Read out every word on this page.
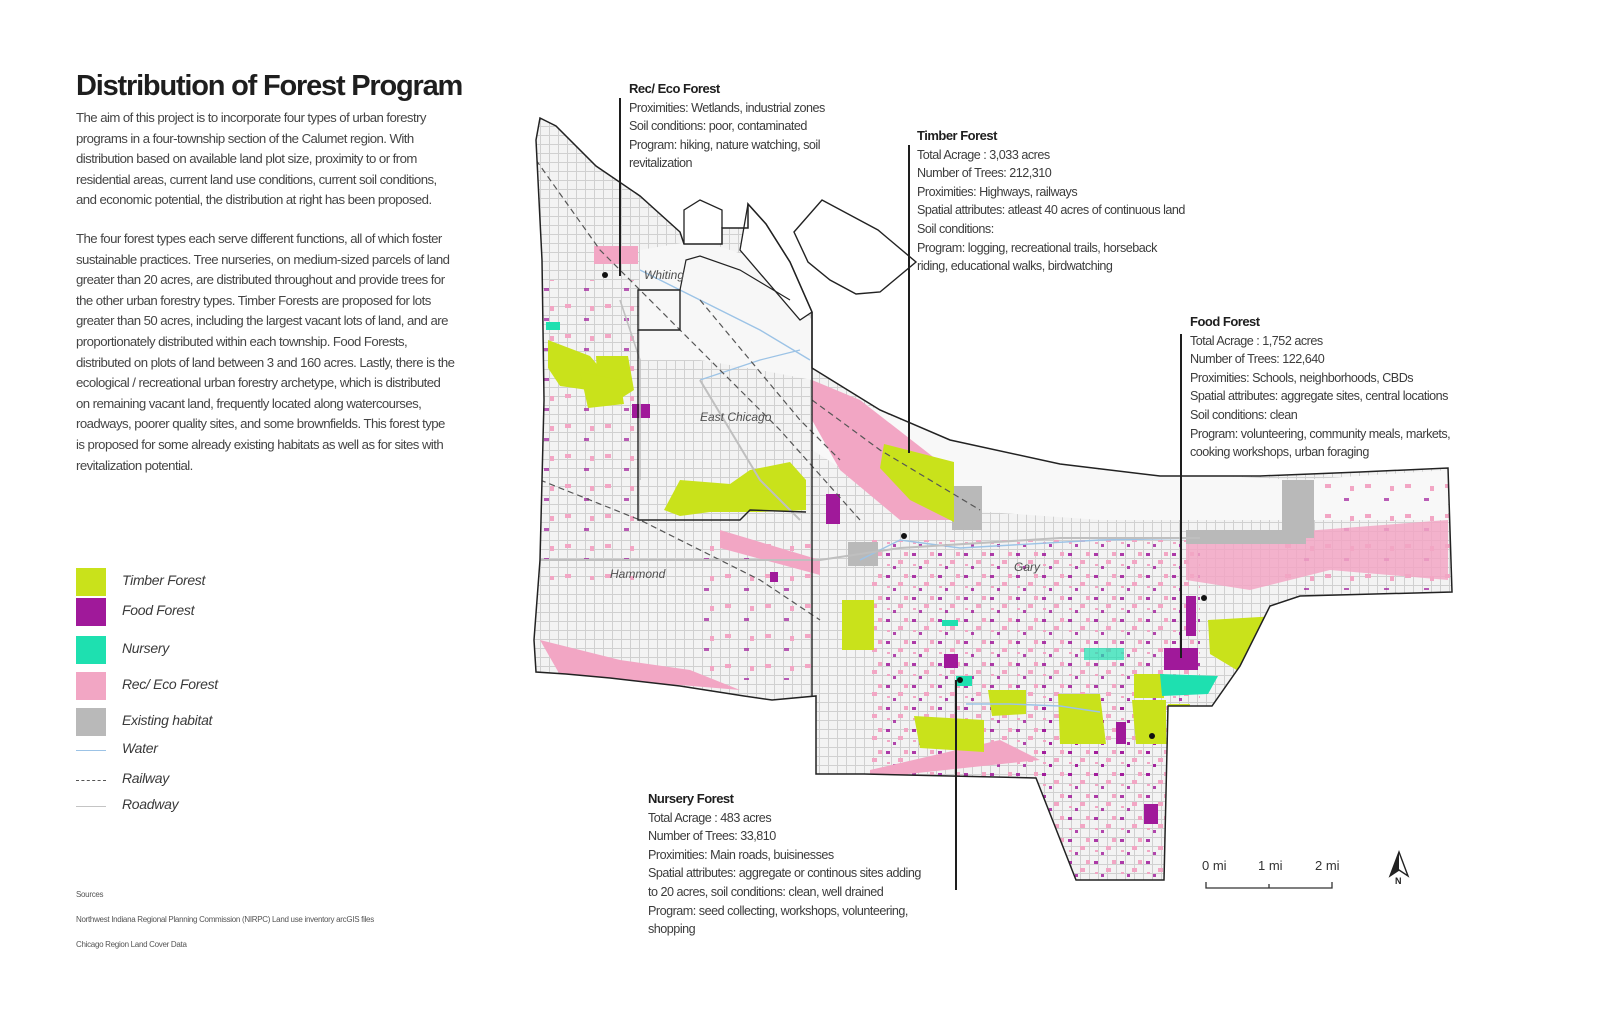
Distribution of Forest Program

The aim of this project is to incorporate four types of urban forestry programs in a four-township section of the Calumet region. With distribution based on available land plot size, proximity to or from residential areas, current land use conditions, current soil conditions, and economic potential, the distribution at right has been proposed.

The four forest types each serve different functions, all of which foster sustainable practices. Tree nurseries, on medium-sized parcels of land greater than 20 acres, are distributed throughout and provide trees for the other urban forestry types. Timber Forests are proposed for lots greater than 50 acres, including the largest vacant lots of land, and are proportionately distributed within each township. Food Forests, distributed on plots of land between 3 and 160 acres. Lastly, there is the ecological / recreational urban forestry archetype, which is distributed on remaining vacant land, frequently located along watercourses, roadways, poorer quality sites, and some brownfields. This forest type is proposed for some already existing habitats as well as for sites with revitalization potential.

Timber Forest
Food Forest
Nursery
Rec/ Eco Forest
Existing habitat
Water
Railway
Roadway
Sources
Northwest Indiana Regional Planning Commission (NIRPC) Land use inventory arcGIS files
Chicago Region Land Cover Data
Whiting
East Chicago
Hammond	Gary
Rec/ Eco Forest
Proximities: Wetlands, industrial zones
Soil conditions: poor, contaminated
Program: hiking, nature watching, soil
revitalization
Timber Forest
Total Acrage : 3,033 acres
Number of Trees: 212,310
Proximities: Highways, railways
Spatial attributes: atleast 40 acres of continuous land
Soil conditions:
Program: logging, recreational trails, horseback
riding, educational walks, birdwatching
Food Forest
Total Acrage : 1,752 acres
Number of Trees: 122,640
Proximities: Schools, neighborhoods, CBDs
Spatial attributes: aggregate sites, central locations
Soil conditions: clean
Program: volunteering, community meals, markets,
cooking workshops, urban foraging
Nursery Forest
Total Acrage : 483 acres
Number of Trees: 33,810
Proximities: Main roads, buisinesses
Spatial attributes: aggregate or continous sites adding
to 20 acres, soil conditions: clean, well drained
Program: seed collecting, workshops, volunteering,
shopping
0 mi 1 mi 2 mi
N
